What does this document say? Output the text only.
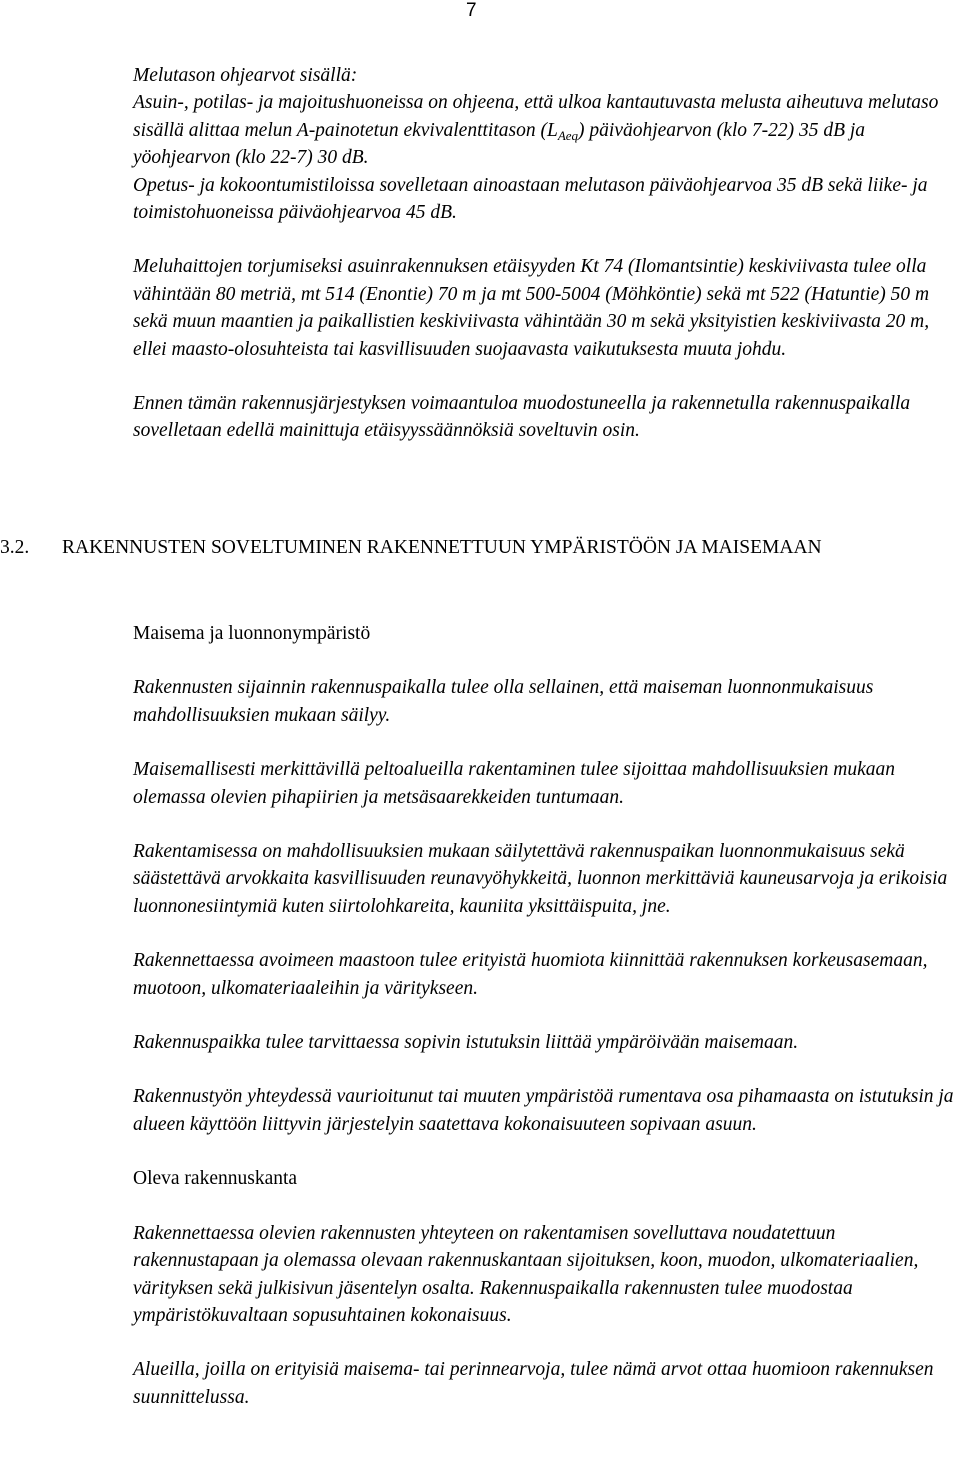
7

Melutason ohjearvot sisällä:

Asuin-, potilas- ja majoitushuoneissa on ohjeena, että ulkoa kantautuvasta melusta aiheutuva melutaso sisällä alittaa melun A-painotetun ekvivalenttitason $(L_{Aeq})$ päiväohjearvon (klo 7-22) 35 dB ja yöohjearvon (klo 22-7) 30 dB.

Opetus- ja kokoontumistiloissa sovelletaan ainoastaan melutason päiväohjearvoa 35 dB sekä liike- ja toimistohuoneissa päiväohjearvoa 45 dB.

Meluhaittojen torjumiseksi asuinrakennuksen etäisyyden Kt 74 (Ilomantsintie) keskiviivasta tulee olla vähintään 80 metriä, mt 514 (Enontie) 70 m ja mt 500-5004 (Möhköntie) sekä mt 522 (Hatuntie) 50 m sekä muun maantien ja paikallistien keskiviivasta vähintään 30 m sekä yksityistien keskiviivasta 20 m, ellei maasto-olosuhteista tai kasvillisuuden suojaavasta vaikutuksesta muuta johdu.

Ennen tämän rakennusjärjestyksen voimaantuloa muodostuneella ja rakennetulla rakennuspaikalla sovelletaan edellä mainittuja etäisyyssäännöksiä soveltuvin osin.

3.2. RAKENNUSTEN SOVELTUMINEN RAKENNETTUUN YMPÄRISTÖÖN JA MAISEMAAN
Maisema ja luonnonympäristö

Rakennusten sijainnin rakennuspaikalla tulee olla sellainen, että maiseman luonnonmukaisuus mahdollisuuksien mukaan säilyy.

Maisemallisesti merkittävillä peltoalueilla rakentaminen tulee sijoittaa mahdollisuuksien mukaan olemassa olevien pihapiirien ja metsäsaarekkeiden tuntumaan.

Rakentamisessa on mahdollisuuksien mukaan säilytettävä rakennuspaikan luonnonmukaisuus sekä säästettävä arvokkaita kasvillisuuden reunavyöhykkeitä, luonnon merkittäviä kauneusarvoja ja erikoisia luonnonesiintymiä kuten siirtolohkareita, kauniita yksittäispuita, jne.

Rakennettaessa avoimeen maastoon tulee erityistä huomiota kiinnittää rakennuksen korkeusasemaan, muotoon, ulkomateriaaleihin ja väritykseen.

Rakennuspaikka tulee tarvittaessa sopivin istutuksin liittää ympäröivään maisemaan.

Rakennustyön yhteydessä vaurioitunut tai muuten ympäristöä rumentava osa pihamaasta on istutuksin ja alueen käyttöön liittyvin järjestelyin saatettava kokonaisuuteen sopivaan asuun.

Oleva rakennuskanta

Rakennettaessa olevien rakennusten yhteyteen on rakentamisen sovelluttava noudatettuun rakennustapaan ja olemassa olevaan rakennuskantaan sijoituksen, koon, muodon, ulkomateriaalien, värityksen sekä julkisivun jäsentelyn osalta. Rakennuspaikalla rakennusten tulee muodostaa ympäristökuvaltaan sopusuhtainen kokonaisuus.

Alueilla, joilla on erityisiä maisema- tai perinnearvoja, tulee nämä arvot ottaa huomioon rakennuksen suunnittelussa.
